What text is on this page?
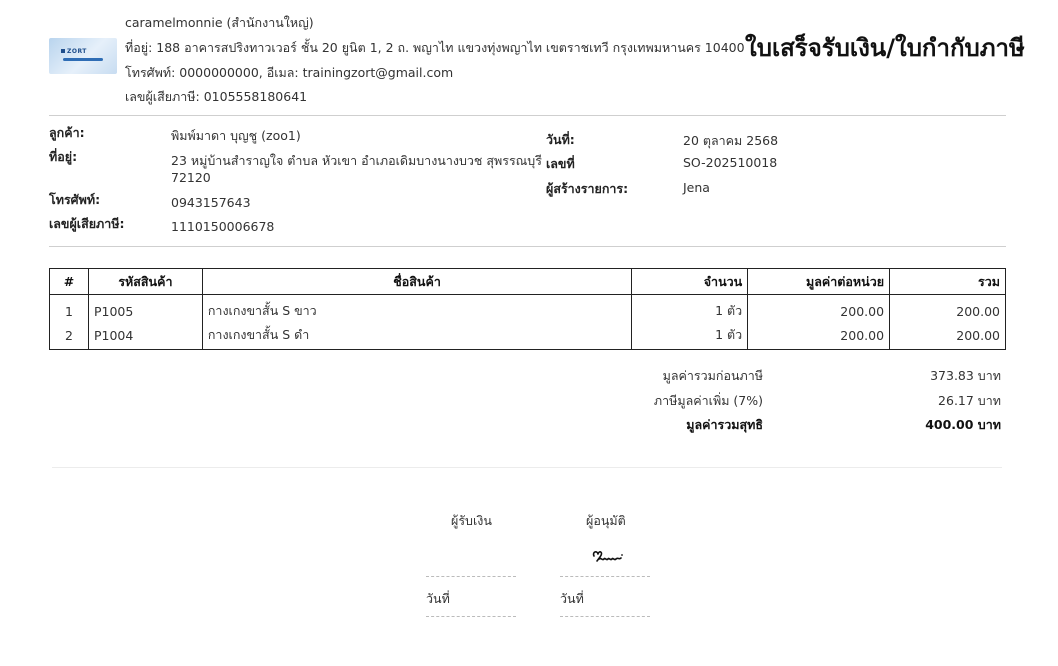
ZORT
caramelmonnie (สำนักงานใหญ่)
ที่อยู่: 188 อาคารสปริงทาวเวอร์ ชั้น 20 ยูนิต 1, 2 ถ. พญาไท แขวงทุ่งพญาไท เขตราชเทวี กรุงเทพมหานคร 10400
โทรศัพท์: 0000000000, อีเมล: trainingzort@gmail.com
เลขผู้เสียภาษี: 0105558180641
ใบเสร็จรับเงิน/ใบกำกับภาษี
ลูกค้า:	พิมพ์มาดา บุญชู (zoo1)
ที่อยู่:	23 หมู่บ้านสำราญใจ ตำบล หัวเขา อำเภอเดิมบางนางบวช สุพรรณบุรี
72120
โทรศัพท์:	0943157643
เลขผู้เสียภาษี:	1110150006678
วันที่:	20 ตุลาคม 2568
เลขที่	SO-202510018
ผู้สร้างรายการ:	Jena
#	รหัสสินค้า	ชื่อสินค้า	จำนวน	มูลค่าต่อหน่วย	รวม
1	P1005	กางเกงขาสั้น S ขาว	1 ตัว	200.00	200.00
2	P1004	กางเกงขาสั้น S ดำ	1 ตัว	200.00	200.00
มูลค่ารวมก่อนภาษี	373.83 บาท
ภาษีมูลค่าเพิ่ม (7%)	26.17 บาท
มูลค่ารวมสุทธิ	400.00 บาท
ผู้รับเงิน	ผู้อนุมัติ
วันที่	วันที่
